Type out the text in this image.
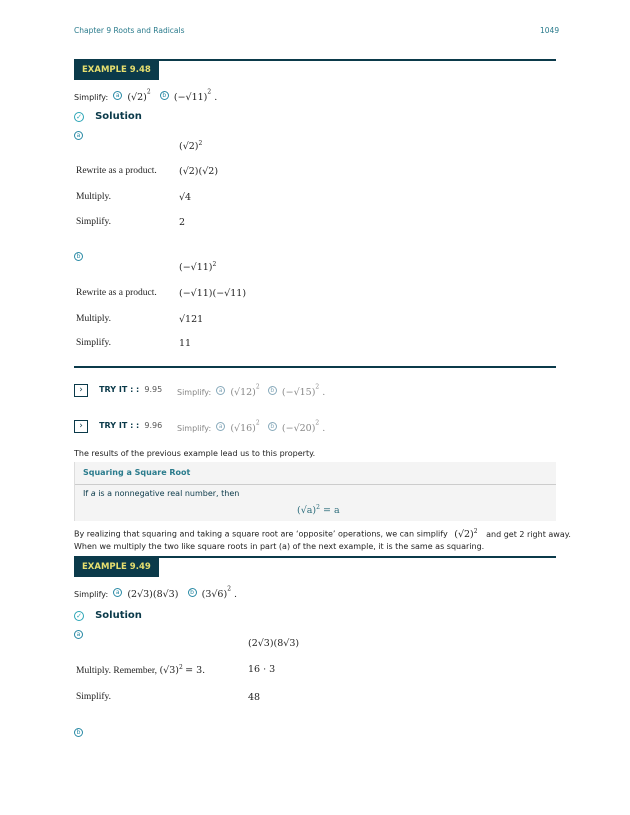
Chapter 9 Roots and Radicals	1049
EXAMPLE 9.48
Simplify: a $(√2)^2$ b $(-√11)^2$ .
✓ Solution
a
$(√2)^2$
Rewrite as a product. (√2)(√2)
Multiply.	√4
Simplify.	2
b
$(-√11)^2$
Rewrite as a product. (−√11)(−√11)
Multiply.	√121
Simplify.	11
› TRY IT : : 9.95 Simplify: a $(√12)^2$ b $(-√15)^2$ .
› TRY IT : : 9.96 Simplify: a $(√16)^2$ b $(-√20)^2$ .
The results of the previous example lead us to this property.
Squaring a Square Root
If a is a nonnegative real number, then
$(√a)^2 = a$
By realizing that squaring and taking a square root are ‘opposite’ operations, we can simplify $(√2)^2$ and get 2 right away.
When we multiply the two like square roots in part (a) of the next example, it is the same as squaring.
EXAMPLE 9.49
Simplify: a (2√3)(8√3) b $(3√6)^2$ .
✓ Solution
a
(2√3)(8√3)
Multiply. Remember, $(√3)^2 = 3$.	16 · 3
Simplify.	48
b
